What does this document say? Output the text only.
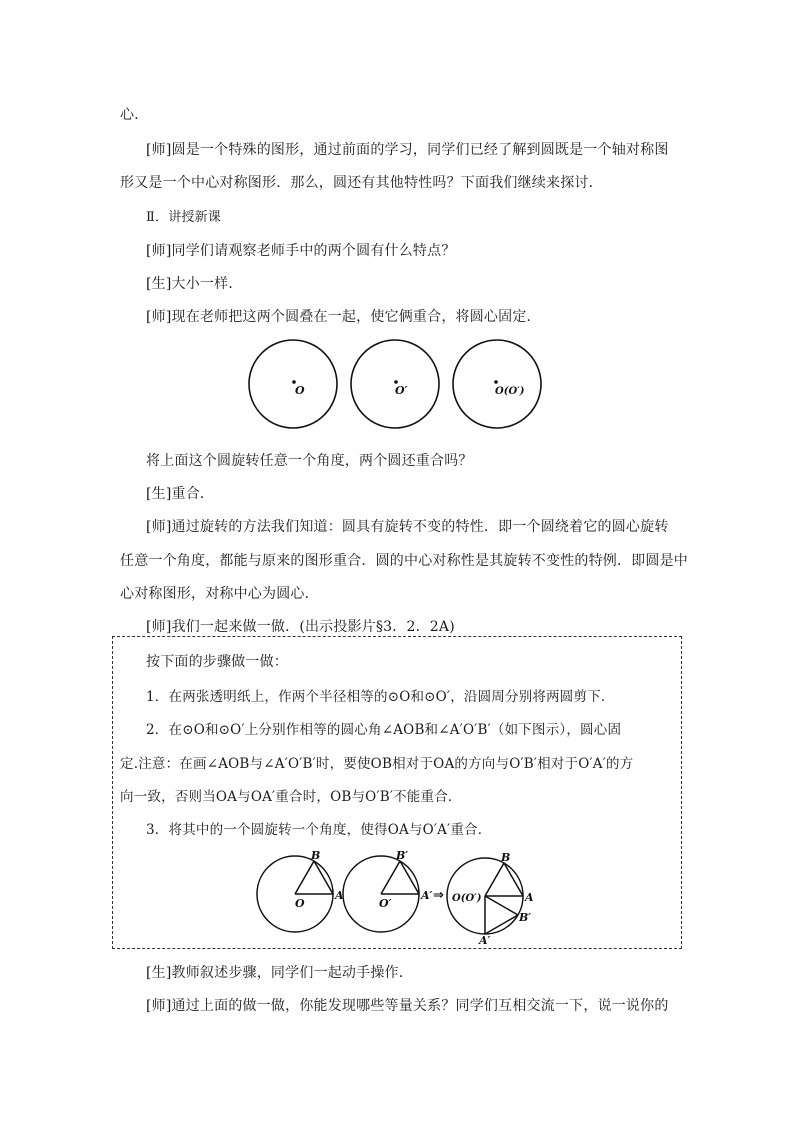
心．
[师]圆是一个特殊的图形，通过前面的学习，同学们已经了解到圆既是一个轴对称图
形又是一个中心对称图形．那么，圆还有其他特性吗？下面我们继续来探讨．
Ⅱ．讲授新课
[师]同学们请观察老师手中的两个圆有什么特点？
[生]大小一样．
[师]现在老师把这两个圆叠在一起，使它俩重合，将圆心固定．
O	O′	O(O′)
将上面这个圆旋转任意一个角度，两个圆还重合吗？
[生]重合．
[师]通过旋转的方法我们知道：圆具有旋转不变的特性．即一个圆绕着它的圆心旋转
任意一个角度，都能与原来的图形重合．圆的中心对称性是其旋转不变性的特例．即圆是中
心对称图形，对称中心为圆心．
[师]我们一起来做一做．(出示投影片§3．2．2A)
按下面的步骤做一做：
1．在两张透明纸上，作两个半径相等的⊙O和⊙O′，沿圆周分别将两圆剪下．
2．在⊙O和⊙O′上分别作相等的圆心角∠AOB和∠A′O′B′（如下图示），圆心固
定.注意：在画∠AOB与∠A′O′B′时，要使OB相对于OA的方向与O′B′相对于O′A′的方
向一致，否则当OA与OA′重合时，OB与O′B′不能重合．
3．将其中的一个圆旋转一个角度，使得OA与O′A′重合．
O
A
B
O′
A′
B′
⇒ O(O′)	A
B
B′
A′
[生]教师叙述步骤，同学们一起动手操作．
[师]通过上面的做一做，你能发现哪些等量关系？同学们互相交流一下，说一说你的
